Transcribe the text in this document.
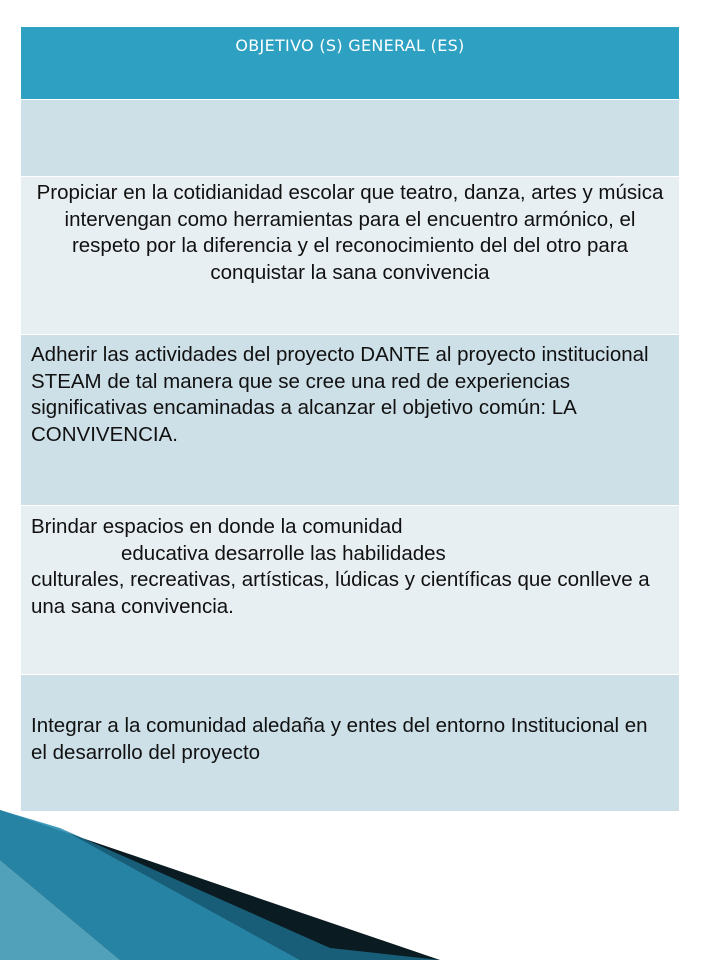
OBJETIVO (S) GENERAL (ES)

Propiciar en la cotidianidad escolar que teatro, danza, artes y música intervengan como herramientas para el encuentro armónico, el respeto por la diferencia y el reconocimiento del del otro para conquistar la sana convivencia

Adherir las actividades del proyecto DANTE al proyecto institucional STEAM de tal manera que se cree una red de experiencias significativas encaminadas a alcanzar el objetivo común: LA CONVIVENCIA.

Brindar espacios en donde la comunidad
educativa desarrolle las habilidades
culturales, recreativas, artísticas, lúdicas y científicas que conlleve a una sana convivencia.

Integrar a la comunidad aledaña y entes del entorno Institucional en el desarrollo del proyecto
